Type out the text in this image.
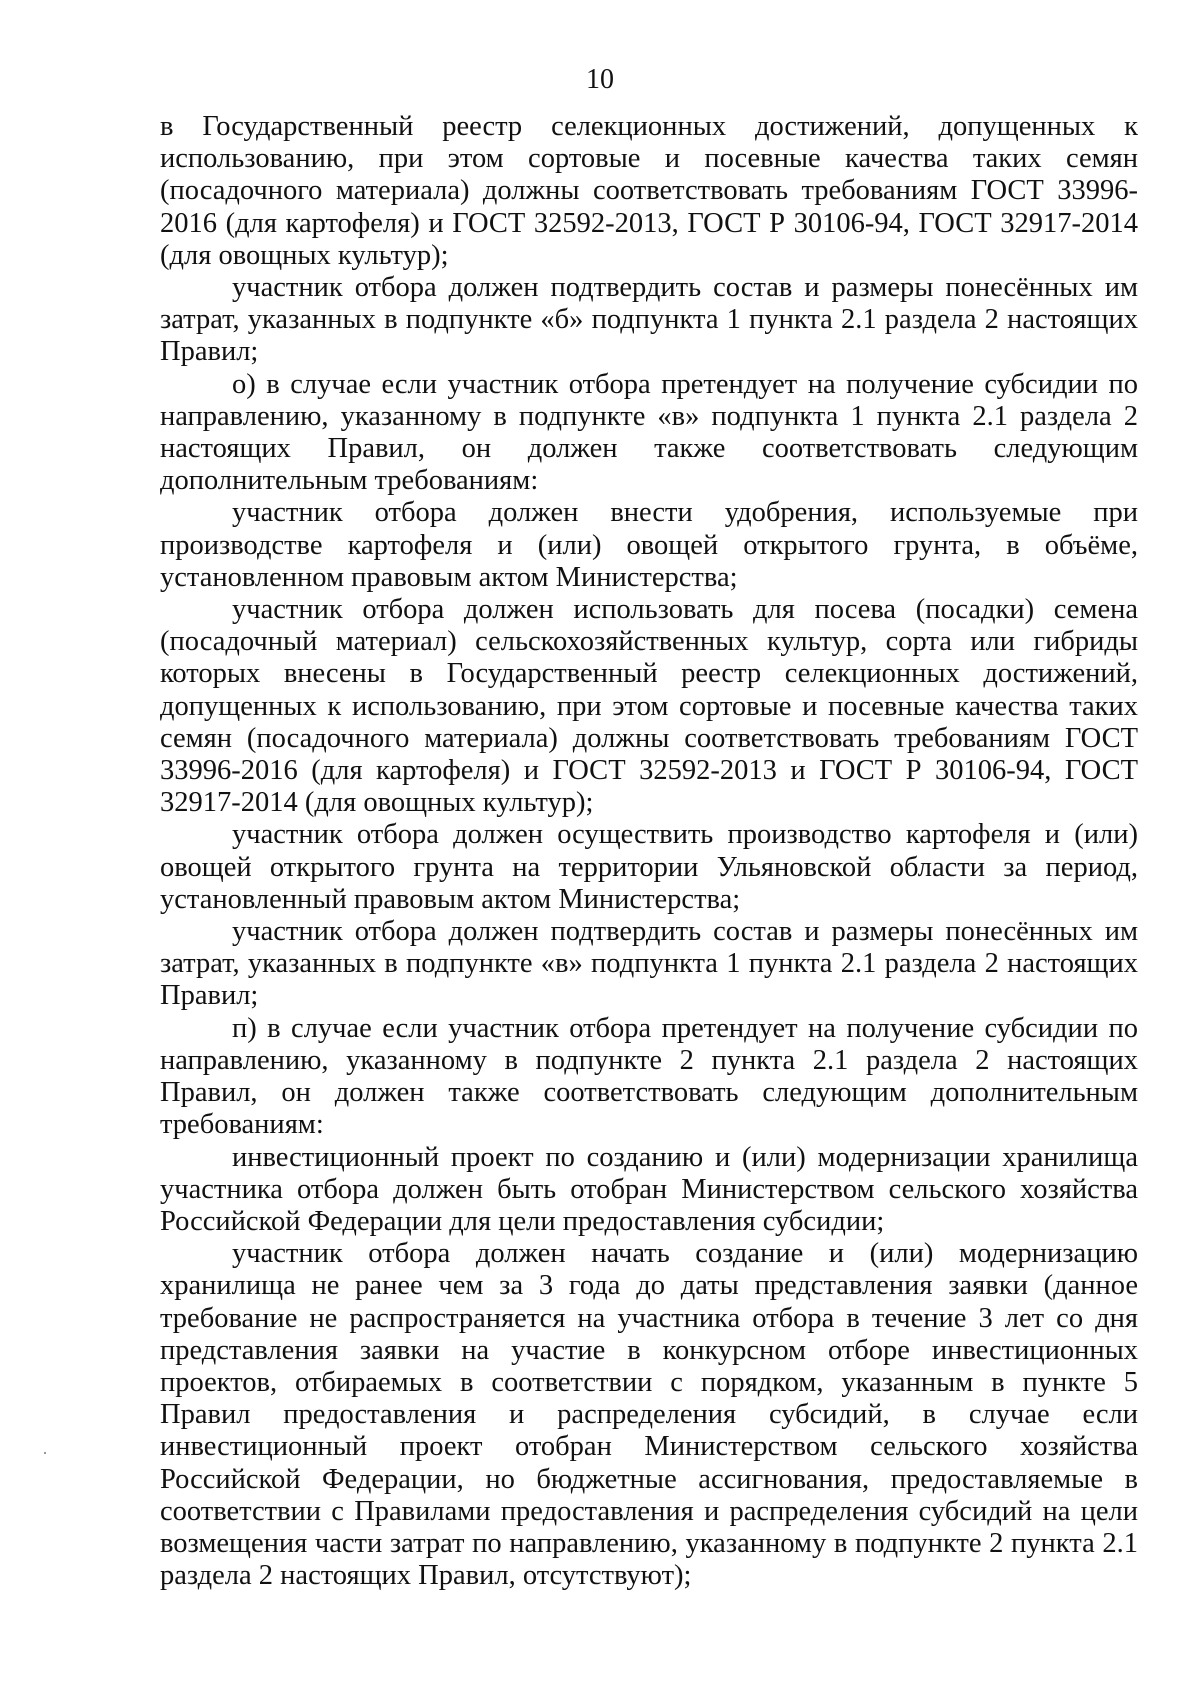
10

в Государственный реестр селекционных достижений, допущенных к использованию, при этом сортовые и посевные качества таких семян (посадочного материала) должны соответствовать требованиям ГОСТ 33996-2016 (для картофеля) и ГОСТ 32592-2013, ГОСТ Р 30106-94, ГОСТ 32917-2014 (для овощных культур);

участник отбора должен подтвердить состав и размеры понесённых им затрат, указанных в подпункте «б» подпункта 1 пункта 2.1 раздела 2 настоящих Правил;

о) в случае если участник отбора претендует на получение субсидии по направлению, указанному в подпункте «в» подпункта 1 пункта 2.1 раздела 2 настоящих Правил, он должен также соответствовать следующим дополнительным требованиям:

участник отбора должен внести удобрения, используемые при производстве картофеля и (или) овощей открытого грунта, в объёме, установленном правовым актом Министерства;

участник отбора должен использовать для посева (посадки) семена (посадочный материал) сельскохозяйственных культур, сорта или гибриды которых внесены в Государственный реестр селекционных достижений, допущенных к использованию, при этом сортовые и посевные качества таких семян (посадочного материала) должны соответствовать требованиям ГОСТ 33996-2016 (для картофеля) и ГОСТ 32592-2013 и ГОСТ Р 30106-94, ГОСТ 32917-2014 (для овощных культур);

участник отбора должен осуществить производство картофеля и (или) овощей открытого грунта на территории Ульяновской области за период, установленный правовым актом Министерства;

участник отбора должен подтвердить состав и размеры понесённых им затрат, указанных в подпункте «в» подпункта 1 пункта 2.1 раздела 2 настоящих Правил;

п) в случае если участник отбора претендует на получение субсидии по направлению, указанному в подпункте 2 пункта 2.1 раздела 2 настоящих Правил, он должен также соответствовать следующим дополнительным требованиям:

инвестиционный проект по созданию и (или) модернизации хранилища участника отбора должен быть отобран Министерством сельского хозяйства Российской Федерации для цели предоставления субсидии;

участник отбора должен начать создание и (или) модернизацию хранилища не ранее чем за 3 года до даты представления заявки (данное требование не распространяется на участника отбора в течение 3 лет со дня представления заявки на участие в конкурсном отборе инвестиционных проектов, отбираемых в соответствии с порядком, указанным в пункте 5 Правил предоставления и распределения субсидий, в случае если инвестиционный проект отобран Министерством сельского хозяйства Российской Федерации, но бюджетные ассигнования, предоставляемые в соответствии с Правилами предоставления и распределения субсидий на цели возмещения части затрат по направлению, указанному в подпункте 2 пункта 2.1 раздела 2 настоящих Правил, отсутствуют);
